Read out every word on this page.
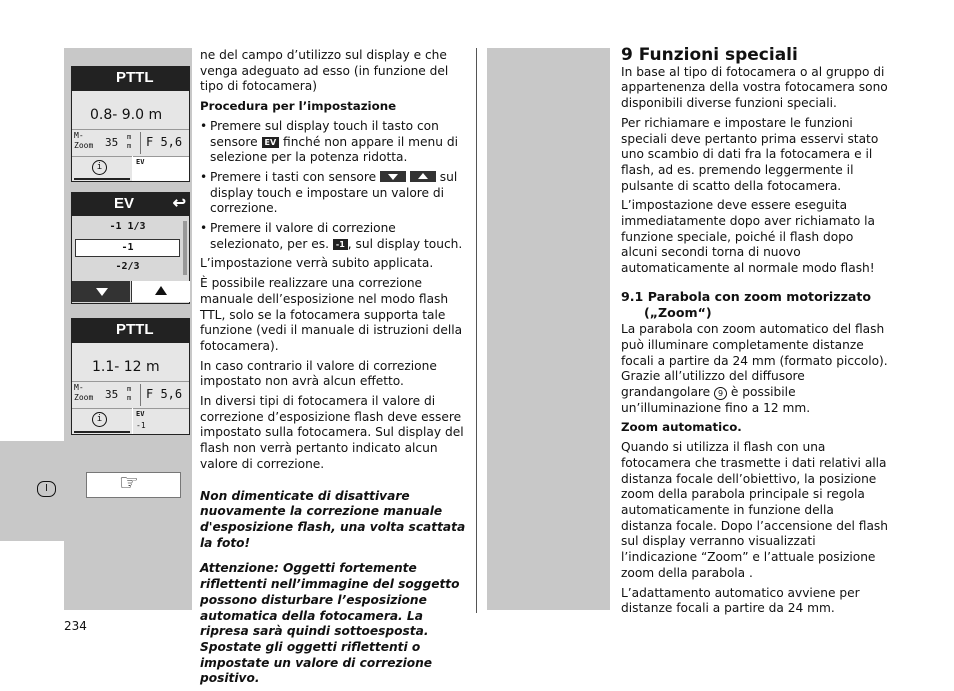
I
234
PTTL
0.8- 9.0 m
M-
Zoom 35 m
m F 5,6
i	EV
EV ↩
-1 1/3
-1
-2/3
PTTL
1.1- 12 m
M-
Zoom 35 m
m F 5,6
i	EV
-1
☞

ne del campo d’utilizzo sul display e che venga adeguato ad esso (in funzione del tipo di fotocamera)

Procedura per l’impostazione

• Premere sul display touch il tasto con sensore EV finché non appare il menu di selezione per la potenza ridotta.
• Premere i tasti con sensore
	sul display touch e impostare un valore di correzione.
• Premere il valore di correzione selezionato, per es. -1 , sul display touch.

L’impostazione verrà subito applicata.

È possibile realizzare una correzione manuale dell’esposizione nel modo flash TTL, solo se la fotocamera supporta tale funzione (vedi il manuale di istruzioni della fotocamera).

In caso contrario il valore di correzione impostato non avrà alcun effetto.

In diversi tipi di fotocamera il valore di correzione d’esposizione flash deve essere impostato sulla fotocamera. Sul display del flash non verrà pertanto indicato alcun valore di correzione.

Non dimenticate di disattivare nuovamente la correzione manuale d'esposizione flash, una volta scattata la foto!

Attenzione: Oggetti fortemente riflettenti nell’immagine del soggetto possono disturbare l’esposizione automatica della fotocamera. La ripresa sarà quindi sottoesposta. Spostate gli oggetti riflettenti o impostate un valore di correzione positivo.

9 Funzioni speciali

In base al tipo di fotocamera o al gruppo di appartenenza della vostra fotocamera sono disponibili diverse funzioni speciali.

Per richiamare e impostare le funzioni speciali deve pertanto prima esservi stato uno scambio di dati fra la fotocamera e il flash, ad es. premendo leggermente il pulsante di scatto della fotocamera.

L’impostazione deve essere eseguita immediatamente dopo aver richiamato la funzione speciale, poiché il flash dopo alcuni secondi torna di nuovo automaticamente al normale modo flash!

9.1 Parabola con zoom motorizzato
(„Zoom“)

La parabola con zoom automatico del flash può illuminare completamente distanze focali a partire da 24 mm (formato piccolo). Grazie all’utilizzo del diffusore grandangolare 9 è possibile un’illuminazione fino a 12 mm.

Zoom automatico.

Quando si utilizza il flash con una fotocamera che trasmette i dati relativi alla distanza focale dell’obiettivo, la posizione zoom della parabola principale si regola automaticamente in funzione della distanza focale. Dopo l’accensione del flash sul display verranno visualizzati l’indicazione “Zoom” e l’attuale posizione zoom della parabola .

L’adattamento automatico avviene per distanze focali a partire da 24 mm.
